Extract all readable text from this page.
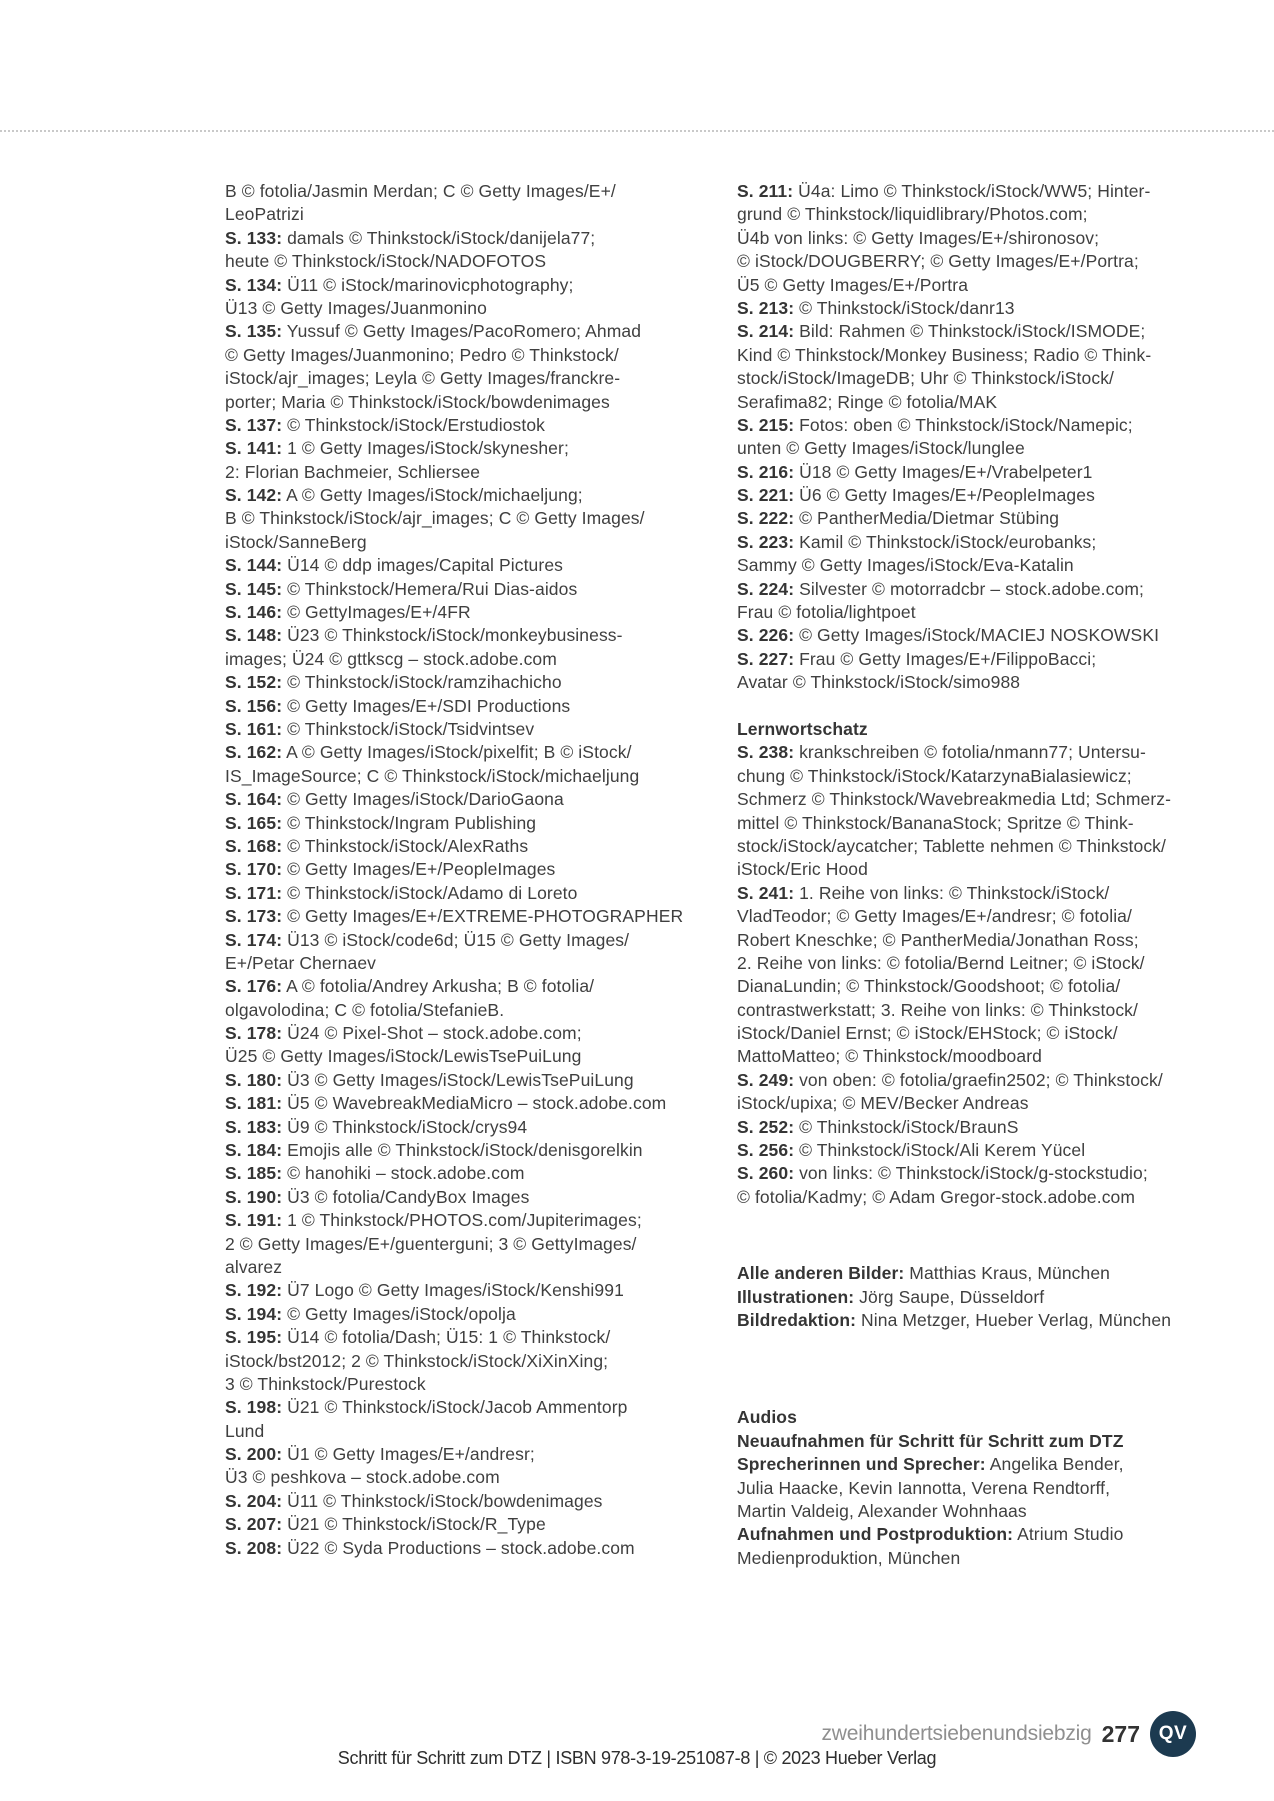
B © fotolia/Jasmin Merdan; C © Getty Images/E+/
LeoPatrizi
S. 133: damals © Thinkstock/iStock/danijela77;
heute © Thinkstock/iStock/NADOFOTOS
S. 134: Ü11 © iStock/marinovicphotography;
Ü13 © Getty Images/Juanmonino
S. 135: Yussuf © Getty Images/PacoRomero; Ahmad
© Getty Images/Juanmonino; Pedro © Thinkstock/
iStock/ajr_images; Leyla © Getty Images/franckre-
porter; Maria © Thinkstock/iStock/bowdenimages
S. 137: © Thinkstock/iStock/Erstudiostok
S. 141: 1 © Getty Images/iStock/skynesher;
2: Florian Bachmeier, Schliersee
S. 142: A © Getty Images/iStock/michaeljung;
B © Thinkstock/iStock/ajr_images; C © Getty Images/
iStock/SanneBerg
S. 144: Ü14 © ddp images/Capital Pictures
S. 145: © Thinkstock/Hemera/Rui Dias-aidos
S. 146: © GettyImages/E+/4FR
S. 148: Ü23 © Thinkstock/iStock/monkeybusiness-
images; Ü24 © gttkscg – stock.adobe.com
S. 152: © Thinkstock/iStock/ramzihachicho
S. 156: © Getty Images/E+/SDI Productions
S. 161: © Thinkstock/iStock/Tsidvintsev
S. 162: A © Getty Images/iStock/pixelfit; B © iStock/
IS_ImageSource; C © Thinkstock/iStock/michaeljung
S. 164: © Getty Images/iStock/DarioGaona
S. 165: © Thinkstock/Ingram Publishing
S. 168: © Thinkstock/iStock/AlexRaths
S. 170: © Getty Images/E+/PeopleImages
S. 171: © Thinkstock/iStock/Adamo di Loreto
S. 173: © Getty Images/E+/EXTREME-PHOTOGRAPHER
S. 174: Ü13 © iStock/code6d; Ü15 © Getty Images/
E+/Petar Chernaev
S. 176: A © fotolia/Andrey Arkusha; B © fotolia/
olgavolodina; C © fotolia/StefanieB.
S. 178: Ü24 © Pixel-Shot – stock.adobe.com;
Ü25 © Getty Images/iStock/LewisTsePuiLung
S. 180: Ü3 © Getty Images/iStock/LewisTsePuiLung
S. 181: Ü5 © WavebreakMediaMicro – stock.adobe.com
S. 183: Ü9 © Thinkstock/iStock/crys94
S. 184: Emojis alle © Thinkstock/iStock/denisgorelkin
S. 185: © hanohiki – stock.adobe.com
S. 190: Ü3 © fotolia/CandyBox Images
S. 191: 1 © Thinkstock/PHOTOS.com/Jupiterimages;
2 © Getty Images/E+/guenterguni; 3 © GettyImages/
alvarez
S. 192: Ü7 Logo © Getty Images/iStock/Kenshi991
S. 194: © Getty Images/iStock/opolja
S. 195: Ü14 © fotolia/Dash; Ü15: 1 © Thinkstock/
iStock/bst2012; 2 © Thinkstock/iStock/XiXinXing;
3 © Thinkstock/Purestock
S. 198: Ü21 © Thinkstock/iStock/Jacob Ammentorp
Lund
S. 200: Ü1 © Getty Images/E+/andresr;
Ü3 © peshkova – stock.adobe.com
S. 204: Ü11 © Thinkstock/iStock/bowdenimages
S. 207: Ü21 © Thinkstock/iStock/R_Type
S. 208: Ü22 © Syda Productions – stock.adobe.com
S. 211: Ü4a: Limo © Thinkstock/iStock/WW5; Hinter-
grund © Thinkstock/liquidlibrary/Photos.com;
Ü4b von links: © Getty Images/E+/shironosov;
© iStock/DOUGBERRY; © Getty Images/E+/Portra;
Ü5 © Getty Images/E+/Portra
S. 213: © Thinkstock/iStock/danr13
S. 214: Bild: Rahmen © Thinkstock/iStock/ISMODE;
Kind © Thinkstock/Monkey Business; Radio © Think-
stock/iStock/ImageDB; Uhr © Thinkstock/iStock/
Serafima82; Ringe © fotolia/MAK
S. 215: Fotos: oben © Thinkstock/iStock/Namepic;
unten © Getty Images/iStock/lunglee
S. 216: Ü18 © Getty Images/E+/Vrabelpeter1
S. 221: Ü6 © Getty Images/E+/PeopleImages
S. 222: © PantherMedia/Dietmar Stübing
S. 223: Kamil © Thinkstock/iStock/eurobanks;
Sammy © Getty Images/iStock/Eva-Katalin
S. 224: Silvester © motorradcbr – stock.adobe.com;
Frau © fotolia/lightpoet
S. 226: © Getty Images/iStock/MACIEJ NOSKOWSKI
S. 227: Frau © Getty Images/E+/FilippoBacci;
Avatar © Thinkstock/iStock/simo988
Lernwortschatz
S. 238: krankschreiben © fotolia/nmann77; Untersu-
chung © Thinkstock/iStock/KatarzynaBialasiewicz;
Schmerz © Thinkstock/Wavebreakmedia Ltd; Schmerz-
mittel © Thinkstock/BananaStock; Spritze © Think-
stock/iStock/aycatcher; Tablette nehmen © Thinkstock/
iStock/Eric Hood
S. 241: 1. Reihe von links: © Thinkstock/iStock/
VladTeodor; © Getty Images/E+/andresr; © fotolia/
Robert Kneschke; © PantherMedia/Jonathan Ross;
2. Reihe von links: © fotolia/Bernd Leitner; © iStock/
DianaLundin; © Thinkstock/Goodshoot; © fotolia/
contrastwerkstatt; 3. Reihe von links: © Thinkstock/
iStock/Daniel Ernst; © iStock/EHStock; © iStock/
MattoMatteo; © Thinkstock/moodboard
S. 249: von oben: © fotolia/graefin2502; © Thinkstock/
iStock/upixa; © MEV/Becker Andreas
S. 252: © Thinkstock/iStock/BraunS
S. 256: © Thinkstock/iStock/Ali Kerem Yücel
S. 260: von links: © Thinkstock/iStock/g-stockstudio;
© fotolia/Kadmy; © Adam Gregor-stock.adobe.com
Alle anderen Bilder: Matthias Kraus, München
Illustrationen: Jörg Saupe, Düsseldorf
Bildredaktion: Nina Metzger, Hueber Verlag, München
Audios
Neuaufnahmen für Schritt für Schritt zum DTZ
Sprecherinnen und Sprecher: Angelika Bender,
Julia Haacke, Kevin Iannotta, Verena Rendtorff,
Martin Valdeig, Alexander Wohnhaas
Aufnahmen und Postproduktion: Atrium Studio
Medienproduktion, München
zweihundertsiebenundsiebzig 277 QV
Schritt für Schritt zum DTZ | ISBN 978-3-19-251087-8 | © 2023 Hueber Verlag
